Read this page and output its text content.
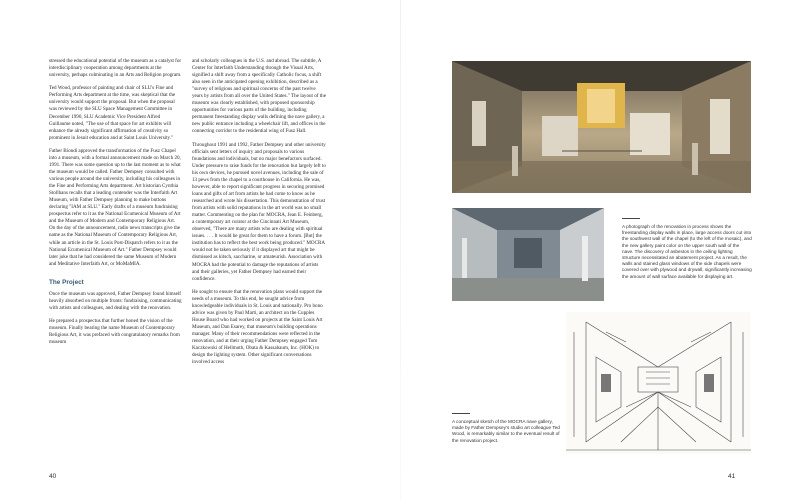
stressed the educational potential of the museum as a catalyst for interdisciplinary cooperation among departments at the university, perhaps culminating in an Arts and Religion program.

Ted Wood, professor of painting and chair of SLU's Fine and Performing Arts department at the time, was skeptical that the university would support the proposal. But when the proposal was reviewed by the SLU Space Management Committee in December 1990, SLU Academic Vice President Alfred Guillaume noted, "The use of that space for art exhibits will enhance the already significant affirmation of creativity so prominent in Jesuit education and at Saint Louis University."

Father Biondi approved the transformation of the Fusz Chapel into a museum, with a formal announcement made on March 20, 1991. There was some question up to the last moment as to what the museum would be called. Father Dempsey consulted with various people around the university, including his colleagues in the Fine and Performing Arts department. Art historian Cynthia Stollhans recalls that a leading contender was the Interfaith Art Museum, with Father Dempsey planning to make buttons declaring "IAM at SLU." Early drafts of a museum fundraising prospectus refer to it as the National Ecumenical Museum of Art and the Museum of Modern and Contemporary Religious Art. On the day of the announcement, radio news transcripts give the name as the National Museum of Contemporary Religious Art, while an article in the St. Louis Post-Dispatch refers to it as the National Ecumenical Museum of Art." Father Dempsey would later joke that he had considered the same Museum of Modern and Meditative Interfaith Art, or MoMaMIA.

The Project

Once the museum was approved, Father Dempsey found himself heavily absorbed on multiple fronts: fundraising, communicating with artists and colleagues, and dealing with the renovation.

He prepared a prospectus that further honed the vision of the museum. Finally bearing the name Museum of Contemporary Religious Art, it was prefaced with congratulatory remarks from museum

and scholarly colleagues in the U.S. and abroad. The subtitle, A Center for Interfaith Understanding through the Visual Arts, signified a shift away from a specifically Catholic focus, a shift also seen in the anticipated opening exhibition, described as a "survey of religious and spiritual concerns of the past twelve years by artists from all over the United States." The layout of the museum was clearly established, with proposed sponsorship opportunities for various parts of the building, including permanent freestanding display walls defining the nave gallery, a new public entrance including a wheelchair lift, and offices in the connecting corridor to the residential wing of Fusz Hall.

Throughout 1991 and 1992, Father Dempsey and other university officials sent letters of inquiry and proposals to various foundations and individuals, but no major benefactors surfaced. Under pressure to raise funds for the renovation but largely left to his own devices, he pursued novel avenues, including the sale of 13 pews from the chapel to a courthouse in California. He was, however, able to report significant progress in securing promised loans and gifts of art from artists he had come to know as he researched and wrote his dissertation. This demonstration of trust from artists with solid reputations in the art world was no small matter. Commenting on the plan for MOCRA, Jean E. Feinberg, a contemporary art curator at the Cincinnati Art Museum, observed, "There are many artists who are dealing with spiritual issues. . . . It would be great for them to have a forum. [But] the institution has to reflect the best work being produced." MOCRA would not be taken seriously if it displayed art that might be dismissed as kitsch, saccharine, or amateurish. Association with MOCRA had the potential to damage the reputations of artists and their galleries, yet Father Dempsey had earned their confidence.

He sought to ensure that the renovation plans would support the needs of a museum. To this end, he sought advice from knowledgeable individuals in St. Louis and nationally. Pro bono advice was given by Paul Marti, an architect on the Cupples House Board who had worked on projects at the Saint Louis Art Museum, and Dan Esarey, that museum's building operations manager. Many of their recommendations were reflected in the renovation, and at their urging Father Dempsey engaged Tom Kaczkowski of Hellmuth, Obata & Kassabaum, Inc. (HOK) to design the lighting system. Other significant conversations involved access

40
A photograph of the renovation in process shows the freestanding display walls in place, large access doors cut into the southwest wall of the chapel (to the left of the mosaic), and the new gallery paint color on the upper south wall of the nave. The discovery of asbestos in the ceiling lighting structure necessitated an abatement project. As a result, the walls and stained glass windows of the side chapels were covered over with plywood and drywall, significantly increasing the amount of wall surface available for displaying art.
A conceptual sketch of the MOCRA nave gallery, made by Father Dempsey's studio art colleague Ted Wood, is remarkably similar to the eventual result of the renovation project.
41
